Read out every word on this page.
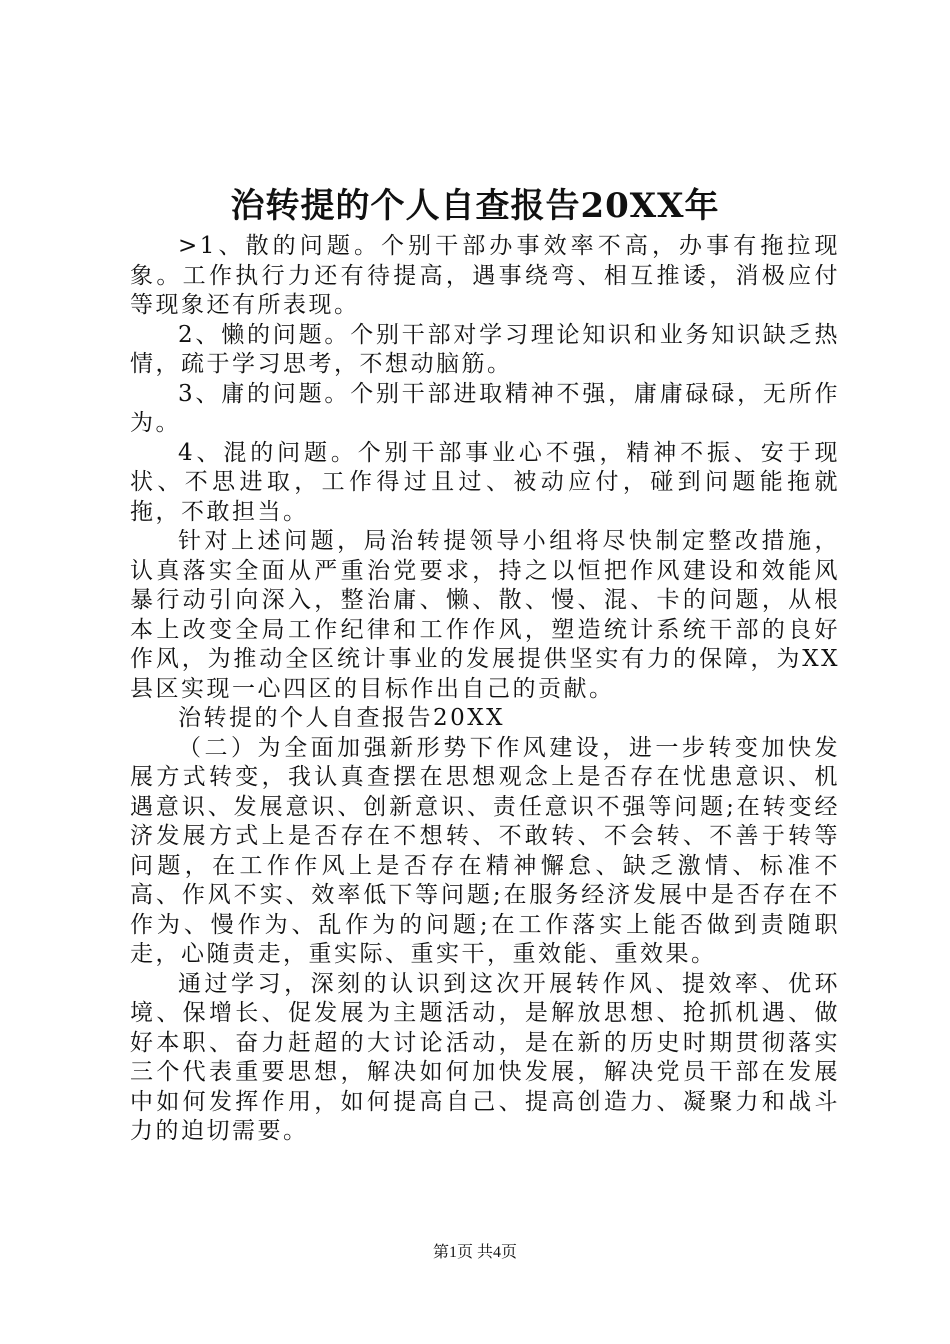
治转提的个人自查报告20XX年

>1、散的问题。个别干部办事效率不高，办事有拖拉现象。工作执行力还有待提高，遇事绕弯、相互推诿，消极应付等现象还有所表现。

2、懒的问题。个别干部对学习理论知识和业务知识缺乏热情，疏于学习思考，不想动脑筋。

3、庸的问题。个别干部进取精神不强，庸庸碌碌，无所作为。

4、混的问题。个别干部事业心不强，精神不振、安于现状、不思进取，工作得过且过、被动应付，碰到问题能拖就拖，不敢担当。

针对上述问题，局治转提领导小组将尽快制定整改措施，认真落实全面从严重治党要求，持之以恒把作风建设和效能风暴行动引向深入，整治庸、懒、散、慢、混、卡的问题，从根本上改变全局工作纪律和工作作风，塑造统计系统干部的良好作风，为推动全区统计事业的发展提供坚实有力的保障，为XX县区实现一心四区的目标作出自己的贡献。

治转提的个人自查报告20XX

（二）为全面加强新形势下作风建设，进一步转变加快发展方式转变，我认真查摆在思想观念上是否存在忧患意识、机遇意识、发展意识、创新意识、责任意识不强等问题;在转变经济发展方式上是否存在不想转、不敢转、不会转、不善于转等问题，在工作作风上是否存在精神懈怠、缺乏激情、标准不高、作风不实、效率低下等问题;在服务经济发展中是否存在不作为、慢作为、乱作为的问题;在工作落实上能否做到责随职走，心随责走，重实际、重实干，重效能、重效果。

通过学习，深刻的认识到这次开展转作风、提效率、优环境、保增长、促发展为主题活动，是解放思想、抢抓机遇、做好本职、奋力赶超的大讨论活动，是在新的历史时期贯彻落实三个代表重要思想，解决如何加快发展，解决党员干部在发展中如何发挥作用，如何提高自己、提高创造力、凝聚力和战斗力的迫切需要。

第1页 共4页
